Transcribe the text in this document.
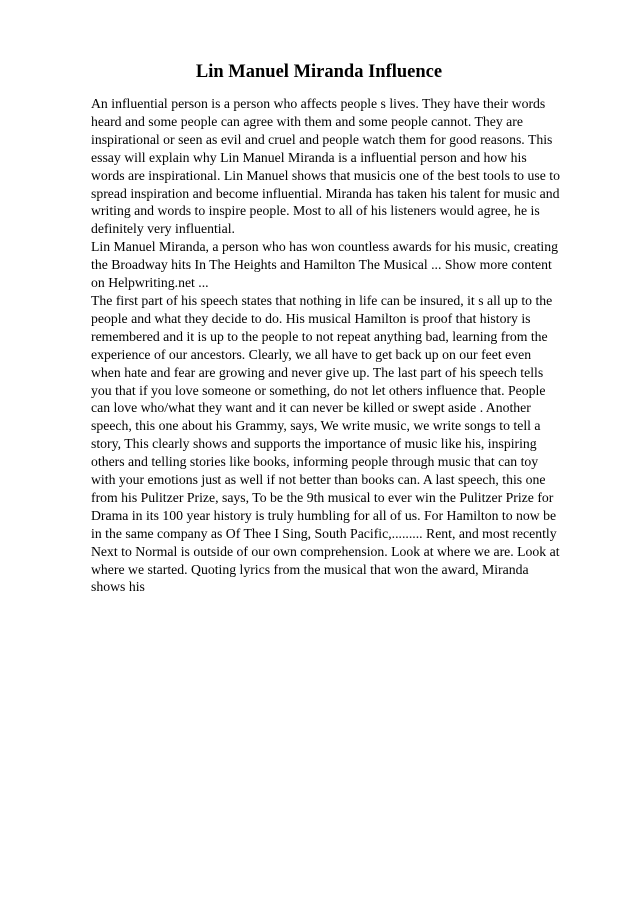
Lin Manuel Miranda Influence

An influential person is a person who affects people s lives. They have their words heard and some people can agree with them and some people cannot. They are inspirational or seen as evil and cruel and people watch them for good reasons. This essay will explain why Lin Manuel Miranda is a influential person and how his words are inspirational. Lin Manuel shows that musicis one of the best tools to use to spread inspiration and become influential. Miranda has taken his talent for music and writing and words to inspire people. Most to all of his listeners would agree, he is definitely very influential.

Lin Manuel Miranda, a person who has won countless awards for his music, creating the Broadway hits In The Heights and Hamilton The Musical ... Show more content on Helpwriting.net ...

The first part of his speech states that nothing in life can be insured, it s all up to the people and what they decide to do. His musical Hamilton is proof that history is remembered and it is up to the people to not repeat anything bad, learning from the experience of our ancestors. Clearly, we all have to get back up on our feet even when hate and fear are growing and never give up. The last part of his speech tells you that if you love someone or something, do not let others influence that. People can love who/what they want and it can never be killed or swept aside . Another speech, this one about his Grammy, says, We write music, we write songs to tell a story, This clearly shows and supports the importance of music like his, inspiring others and telling stories like books, informing people through music that can toy with your emotions just as well if not better than books can. A last speech, this one from his Pulitzer Prize, says, To be the 9th musical to ever win the Pulitzer Prize for Drama in its 100 year history is truly humbling for all of us. For Hamilton to now be in the same company as Of Thee I Sing, South Pacific,......... Rent, and most recently Next to Normal is outside of our own comprehension. Look at where we are. Look at where we started. Quoting lyrics from the musical that won the award, Miranda shows his
